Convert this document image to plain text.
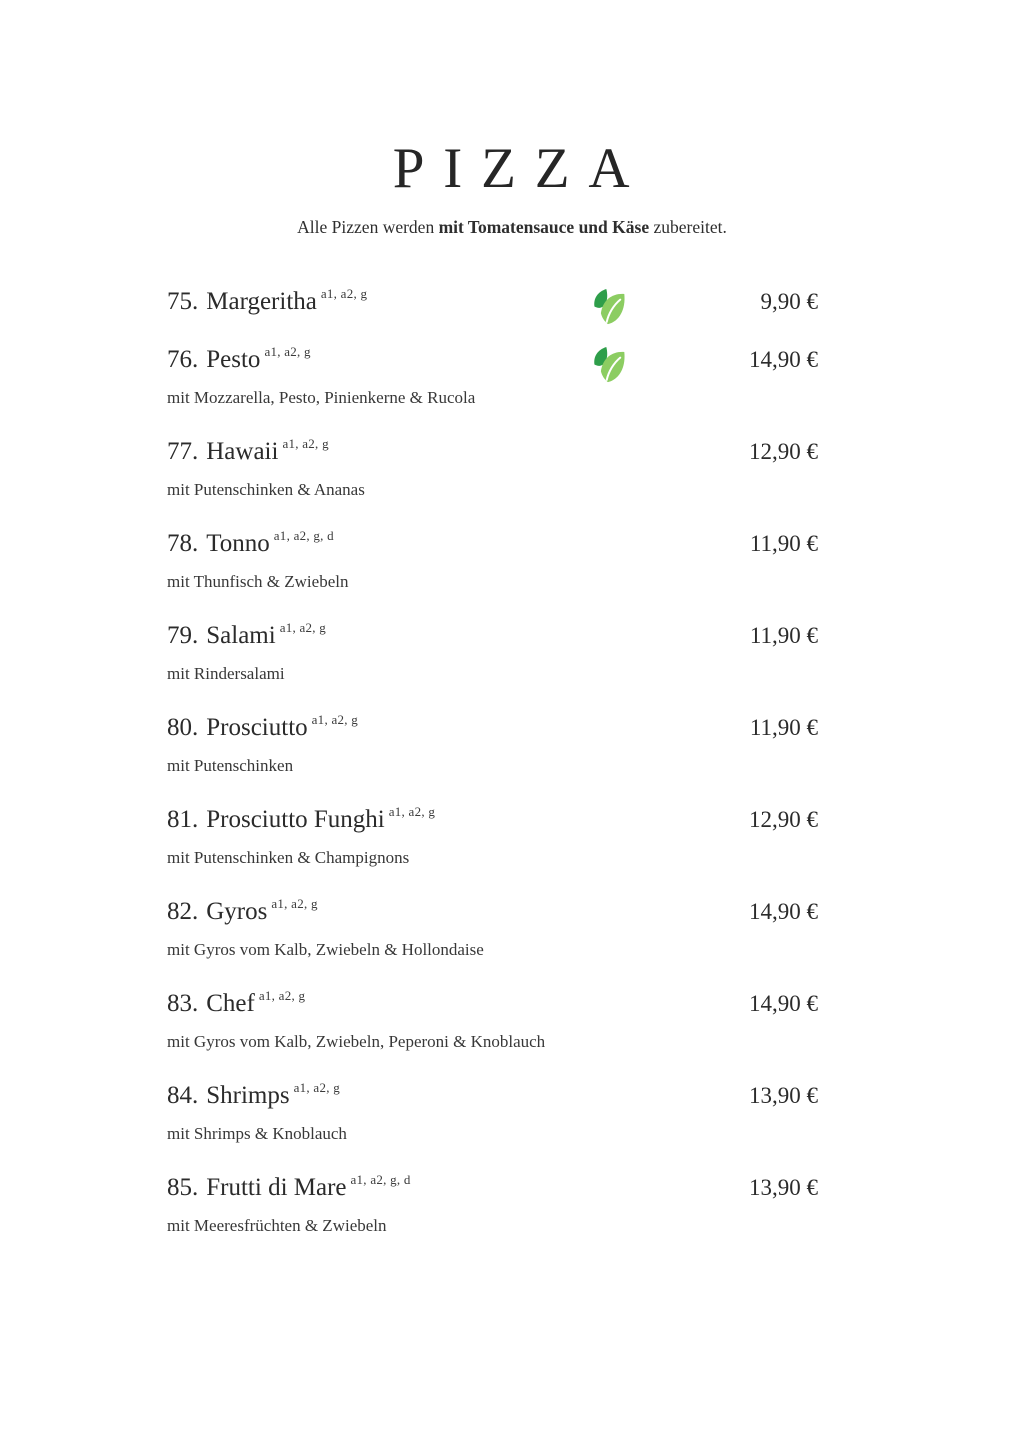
PIZZA

Alle Pizzen werden mit Tomatensauce und Käse zubereitet.

75. Margeritha a1, a2, g	9,90 €
76. Pesto a1, a2, g	14,90 €
mit Mozzarella, Pesto, Pinienkerne & Rucola
77. Hawaii a1, a2, g	12,90 €
mit Putenschinken & Ananas
78. Tonno a1, a2, g, d	11,90 €
mit Thunfisch & Zwiebeln
79. Salami a1, a2, g	11,90 €
mit Rindersalami
80. Prosciutto a1, a2, g	11,90 €
mit Putenschinken
81. Prosciutto Funghi a1, a2, g	12,90 €
mit Putenschinken & Champignons
82. Gyros a1, a2, g	14,90 €
mit Gyros vom Kalb, Zwiebeln & Hollondaise
83. Chef a1, a2, g	14,90 €
mit Gyros vom Kalb, Zwiebeln, Peperoni & Knoblauch
84. Shrimps a1, a2, g	13,90 €
mit Shrimps & Knoblauch
85. Frutti di Mare a1, a2, g, d	13,90 €
mit Meeresfrüchten & Zwiebeln
